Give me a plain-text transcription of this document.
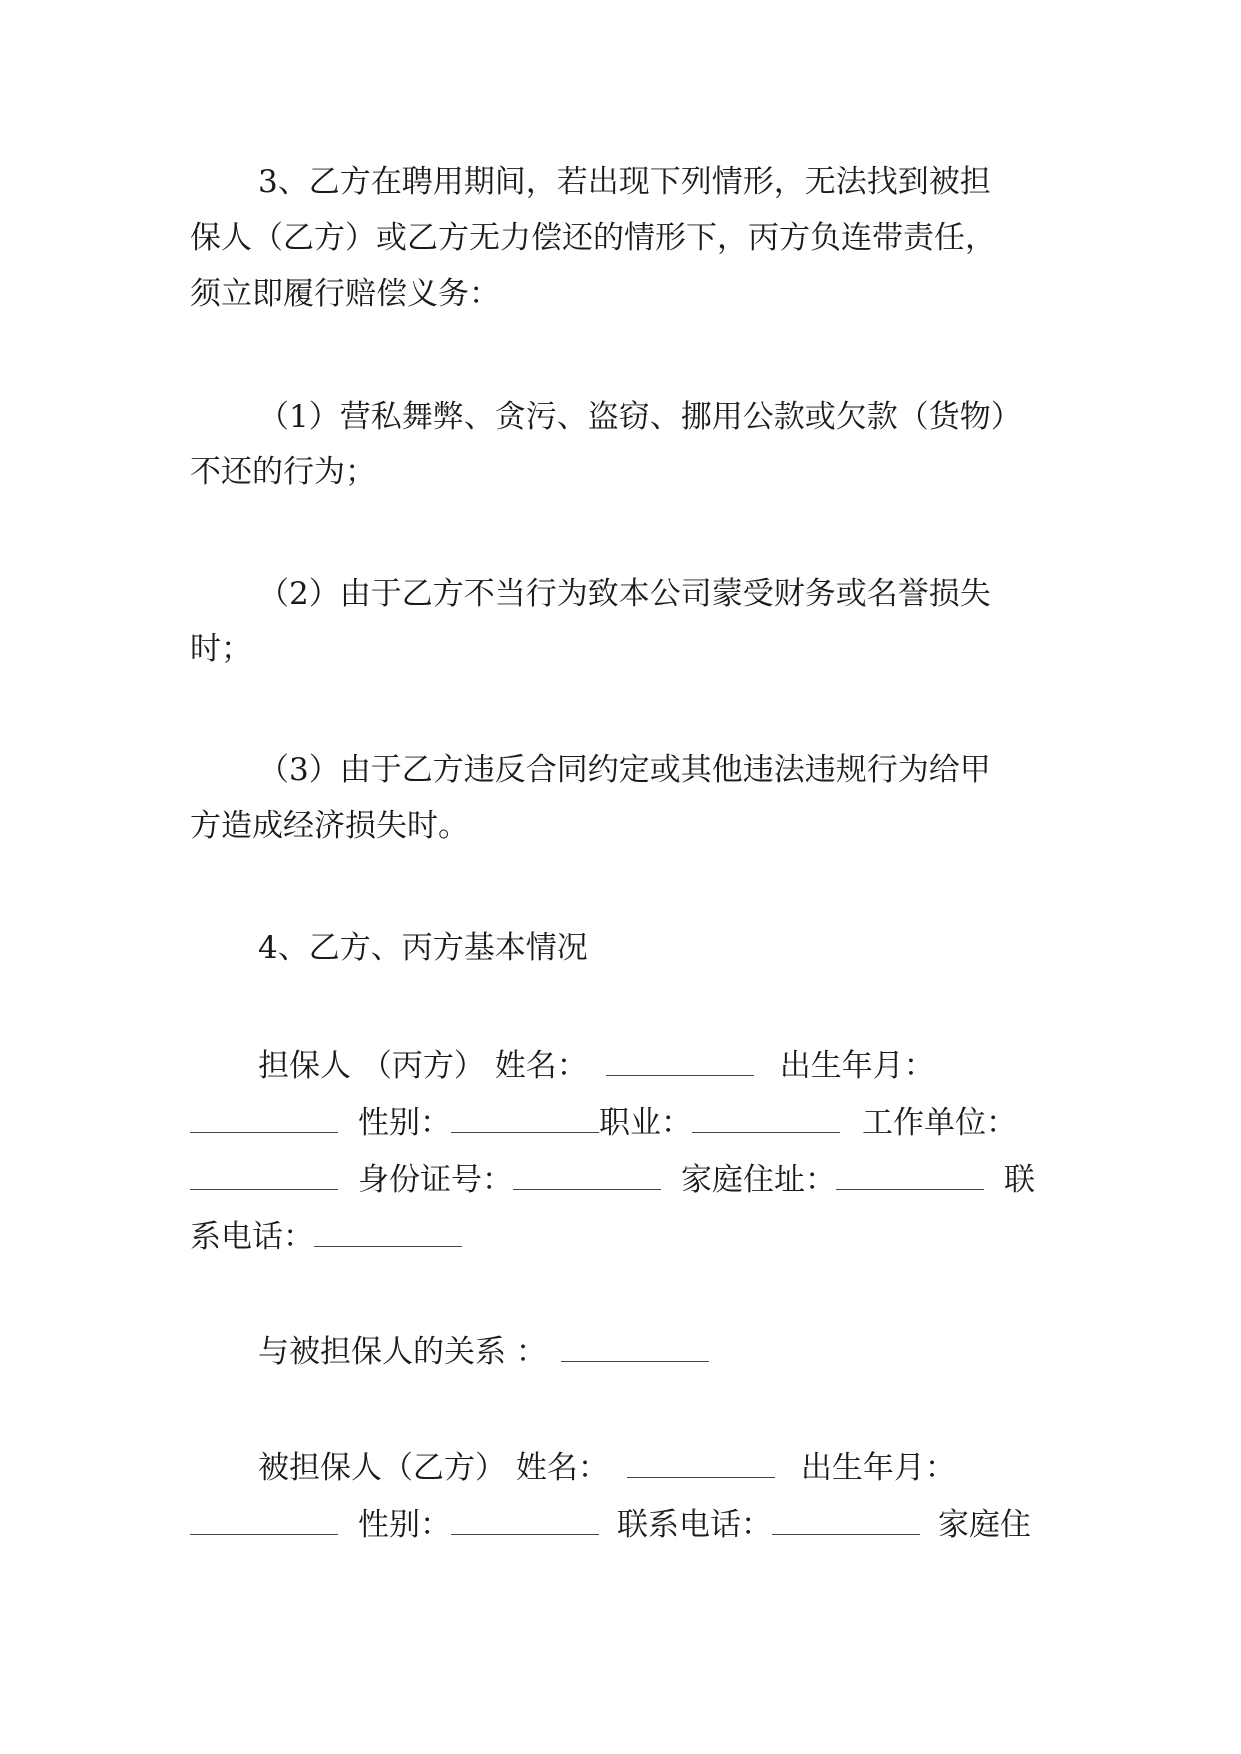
3、乙方在聘用期间，若出现下列情形，无法找到被担
保人（乙方）或乙方无力偿还的情形下，丙方负连带责任，
须立即履行赔偿义务：
（1）营私舞弊、贪污、盗窃、挪用公款或欠款（货物）
不还的行为；
（2）由于乙方不当行为致本公司蒙受财务或名誉损失
时；
（3）由于乙方违反合同约定或其他违法违规行为给甲
方造成经济损失时。
4、乙方、丙方基本情况
担保人 （丙方） 姓名：	出生年月：
性别：	职业：	工作单位：
身份证号：	家庭住址：	联
系电话：
与被担保人的关系 ：
被担保人（乙方） 姓名：	出生年月：
性别：	联系电话：	家庭住
